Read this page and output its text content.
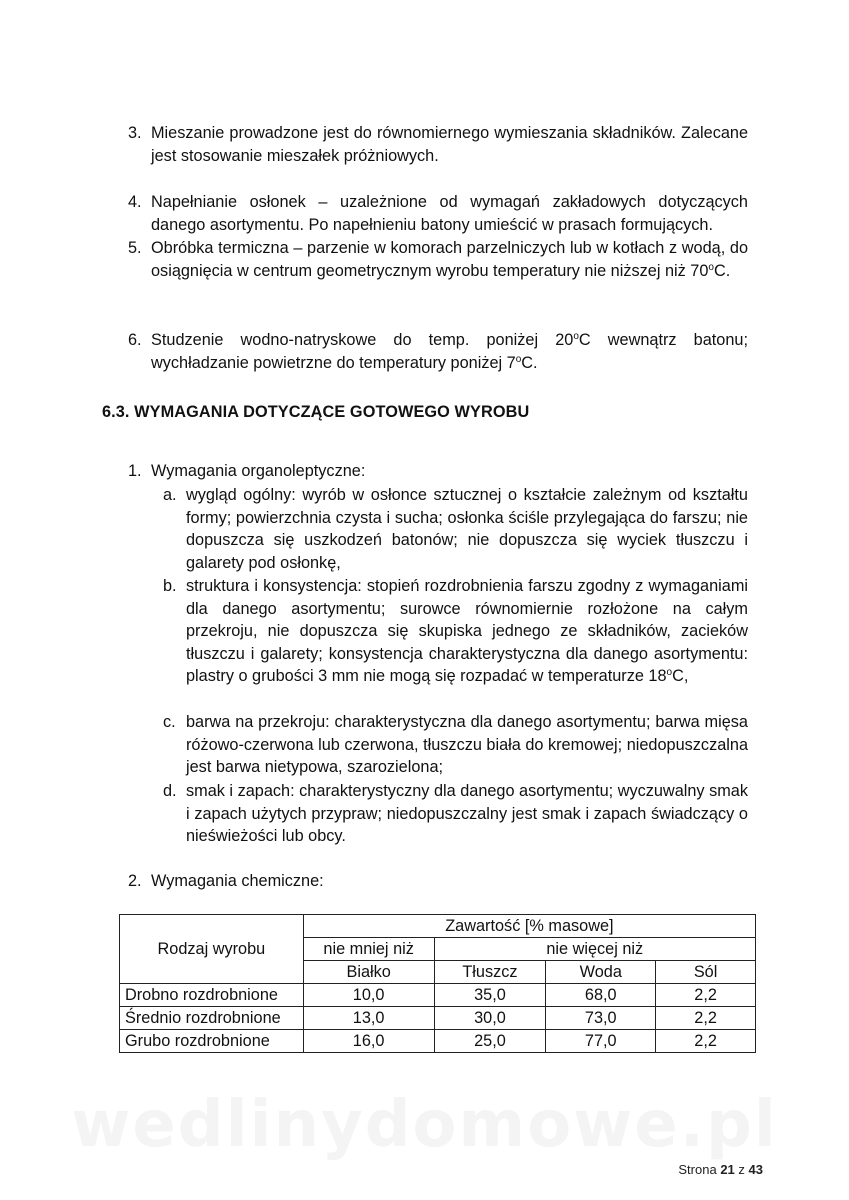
3. Mieszanie prowadzone jest do równomiernego wymieszania składników. Zalecane jest stosowanie mieszałek próżniowych.
4. Napełnianie osłonek – uzależnione od wymagań zakładowych dotyczących danego asortymentu. Po napełnieniu batony umieścić w prasach formujących.
5. Obróbka termiczna – parzenie w komorach parzelniczych lub w kotłach z wodą, do osiągnięcia w centrum geometrycznym wyrobu temperatury nie niższej niż 70$^o$C.
6. Studzenie wodno-natryskowe do temp. poniżej 20$^o$C wewnątrz batonu; wychładzanie powietrzne do temperatury poniżej 7$^o$C.
6.3. WYMAGANIA DOTYCZĄCE GOTOWEGO WYROBU
1. Wymagania organoleptyczne:
a. wygląd ogólny: wyrób w osłonce sztucznej o kształcie zależnym od kształtu formy; powierzchnia czysta i sucha; osłonka ściśle przylegająca do farszu; nie dopuszcza się uszkodzeń batonów; nie dopuszcza się wyciek tłuszczu i galarety pod osłonkę,
b. struktura i konsystencja: stopień rozdrobnienia farszu zgodny z wymaganiami dla danego asortymentu; surowce równomiernie rozłożone na całym przekroju, nie dopuszcza się skupiska jednego ze składników, zacieków tłuszczu i galarety; konsystencja charakterystyczna dla danego asortymentu: plastry o grubości 3 mm nie mogą się rozpadać w temperaturze 18$^o$C,
c. barwa na przekroju: charakterystyczna dla danego asortymentu; barwa mięsa różowo-czerwona lub czerwona, tłuszczu biała do kremowej; niedopuszczalna jest barwa nietypowa, szarozielona;
d. smak i zapach: charakterystyczny dla danego asortymentu; wyczuwalny smak i zapach użytych przypraw; niedopuszczalny jest smak i zapach świadczący o nieświeżości lub obcy.
2. Wymagania chemiczne:
Rodzaj wyrobu	Zawartość [% masowe]			
	nie mniej niż	nie więcej niż		
	Białko	Tłuszcz	Woda	Sól
Drobno rozdrobnione	10,0	35,0	68,0	2,2
Średnio rozdrobnione	13,0	30,0	73,0	2,2
Grubo rozdrobnione	16,0	25,0	77,0	2,2
wedlinydomowe.pl
Strona 21 z 43
